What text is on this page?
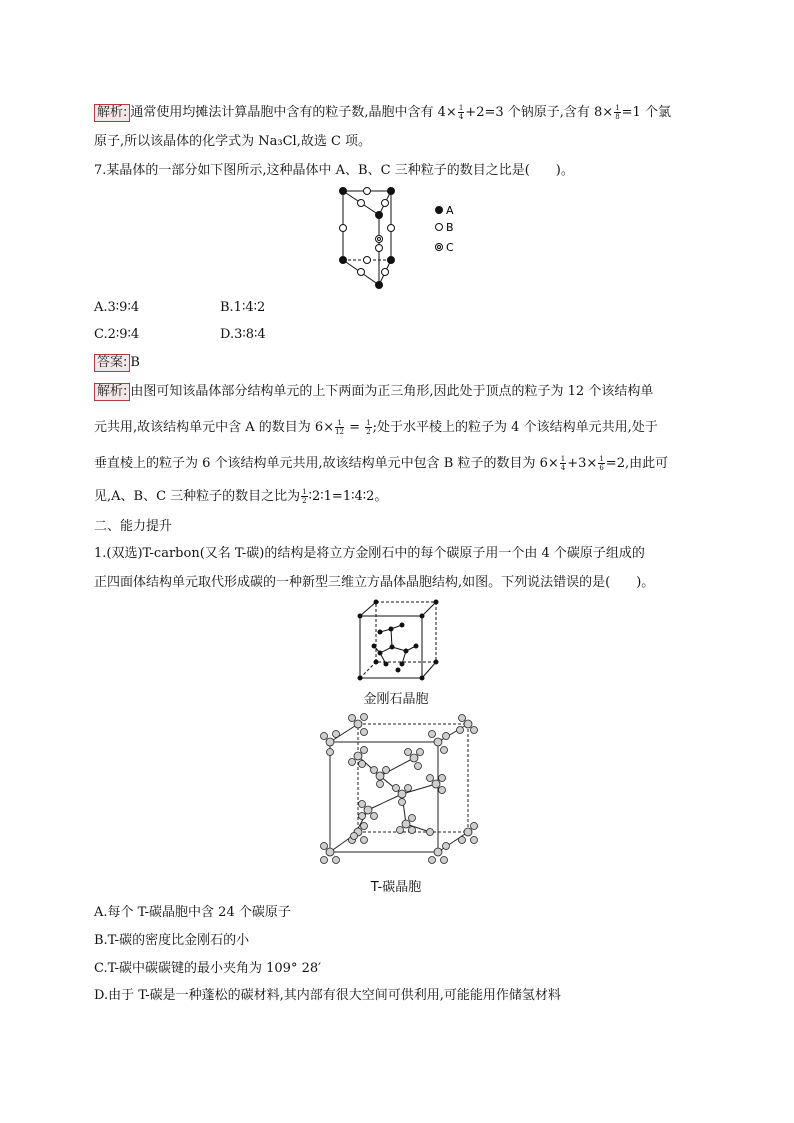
解析: 通常使用均摊法计算晶胞中含有的粒子数,晶胞中含有 $4\times \frac{1}{4} +2=3$ 个钠原子,含有 $8\times \frac{1}{8} =1$ 个氯
原子,所以该晶体的化学式为 Na₃Cl,故选 C 项。
7.某晶体的一部分如下图所示,这种晶体中 A、B、C 三种粒子的数目之比是(　　)。
A
B
C
A.3∶9∶4	B.1∶4∶2
C.2∶9∶4	D.3∶8∶4
答案: B
解析: 由图可知该晶体部分结构单元的上下两面为正三角形,因此处于顶点的粒子为 12 个该结构单
元共用,故该结构单元中含 A 的数目为 $6\times \frac{1}{12} = \frac{1}{2}$ ;处于水平棱上的粒子为 4 个该结构单元共用,处于
垂直棱上的粒子为 6 个该结构单元共用,故该结构单元中包含 B 粒子的数目为 $6\times \frac{1}{4} +3\times \frac{1}{6} =2$,由此可
见,A、B、C 三种粒子的数目之比为 $\frac{1}{2}$ ∶2∶1=1∶4∶2。
二、能力提升
1.(双选)T-carbon(又名 T-碳)的结构是将立方金刚石中的每个碳原子用一个由 4 个碳原子组成的
正四面体结构单元取代形成碳的一种新型三维立方晶体晶胞结构,如图。下列说法错误的是(　　)。
金刚石晶胞
T-碳晶胞
A.每个 T-碳晶胞中含 24 个碳原子
B.T-碳的密度比金刚石的小
C.T-碳中碳碳键的最小夹角为 109° 28′
D.由于 T-碳是一种蓬松的碳材料,其内部有很大空间可供利用,可能能用作储氢材料
